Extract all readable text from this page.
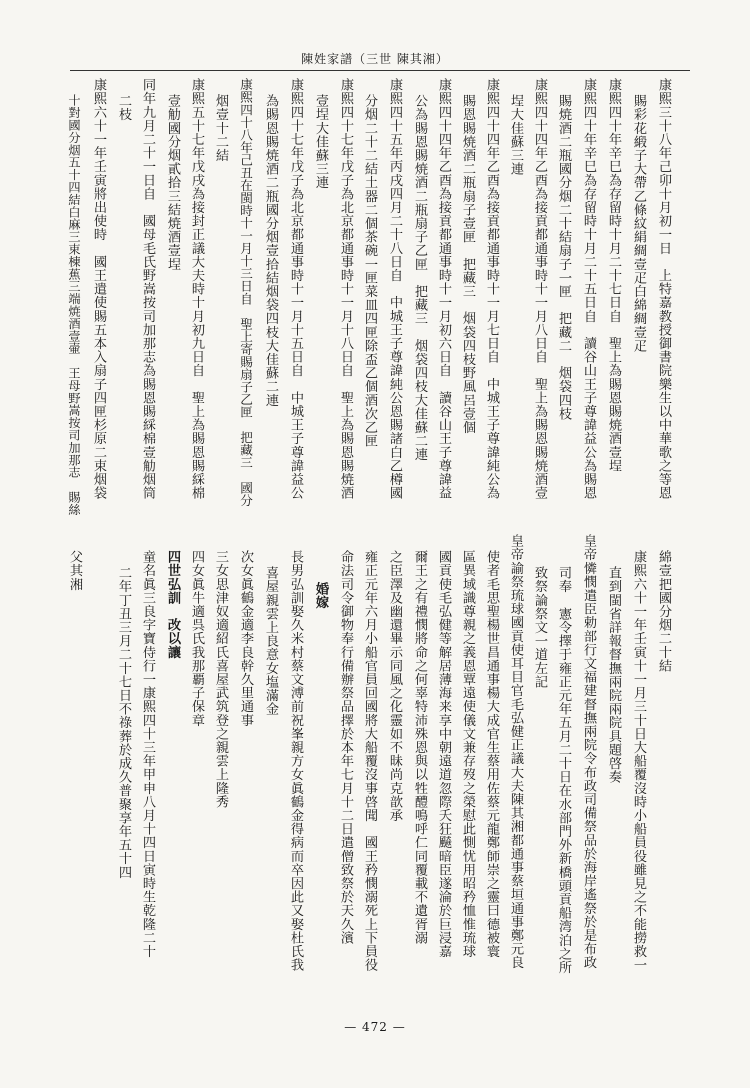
陳姓家譜（三世 陳其湘）
康熙三十八年己卯十月初一日　上特嘉教授御書院樂生以中華歌之等恩
賜彩花緞子大帶乙條紋絹綢壹疋白綿綢壹疋
康熙四十年辛巳為存留時十月二十七日自　聖上為賜恩賜焼酒壹埕
康熙四十年辛巳為存留時十月二十五日自　讀谷山王子尊諱益公為賜恩
賜焼酒二瓶國分烟二十結扇子一匣　把藏二　烟袋四枝
康熙四十四年乙酉為接貢都通事時十一月八日自　聖上為賜恩賜焼酒壹
埕大佳蘇三連
康熙四十四年乙酉為接貢都通事時十一月七日自　中城王子尊諱純公為
賜恩賜焼酒二瓶扇子壹匣　把藏三　烟袋四枝野風呂壹個
康熙四十四年乙酉為接貢都通事時十一月初六日自　讀谷山王子尊諱益
公為賜恩賜焼酒二瓶扇子乙匣　把藏三　烟袋四枝大佳蘇二連
康熙四十五年丙戌四月二十八日自　中城王子尊諱純公恩賜諸白乙樽國
分烟二十二結土器二個茶碗一匣菜皿四匣除盃乙個酒次乙匣
康熙四十七年戊子為北京都通事時十一月十八日自　聖上為賜恩賜焼酒
壹埕大佳蘇三連
康熙四十七年戊子為北京都通事時十一月十五日自　中城王子尊諱益公
為賜恩賜焼酒二瓶國分烟壹拾結烟袋四枝大佳蘇二連
康熙四十八年己丑在閩時十一月十三日自　聖上寄賜扇子乙匣　把藏三　國分
烟壹十二結
康熙五十七年戊戌為接封正議大夫時十月初九日自　聖上為賜恩賜綵棉
壹觔國分烟貳拾三結焼酒壹埕
同年九月二十一日自　國母毛氏野嵩按司加那志為賜恩賜綵棉壹觔烟筒
二枝
康熙六十一年壬寅將出使時　國王遣使賜五本入扇子四匣杉原二束烟袋
十對國分烟五十四結白麻三束棟蕉三端焼酒壹壷　王母野嵩按司加那志　賜絲
綿壹把國分烟二十結
康熙六十一年壬寅十一月三十日大船覆沒時小船員役雖見之不能撈救一
直到閩省詳報督撫兩院兩院具題啓奏
皇帝憐憫遣臣勅部行文福建督撫兩院令布政司備祭品於海岸遙祭於是布政
司奉　憲令擇于雍正元年五月二十日在水部門外新橋頭貢船湾泊之所
致祭論祭文一道左記
皇帝諭祭琉球國貢使耳目官毛弘健正議大夫陳其湘都通事蔡垣通事鄭元良
使者毛思聖楊世昌通事楊大成官生蔡用佐蔡元龍鄭師崇之靈曰德被寰
區異域識尊親之義恩覃遠使儀文兼存歿之榮慰此惻忧用昭矜恤惟琉球
國貢使毛弘健等解居薄海来享中朝遠道忽際夭狂飇暗臣遂淪於巨浸嘉
爾王之有禮憫將命之何辜特沛殊恩與以牲醴鳴呼仁同覆載不遺胥溺
之臣澤及幽還畢示同風之化靈如不昧尚克歆承
雍正元年六月小船官員回國將大船覆沒事啓聞　國王矜憫溺死上下員役
命法司令御物奉行備辦祭品擇於本年七月十二日遣僧致祭於天久濱
婚嫁
長男弘訓娶久米村蔡文溥前祝峯親方女眞鶴金得病而卒因此又娶杜氏我
喜屋親雲上良意女塩滿金
次女眞鶴金適李良幹久里通事
三女思津奴適紹氏喜屋武筑登之親雲上隆秀
四女眞牛適呉氏我那覇子保章
四世弘訓　改以讓
童名眞三良字寶侍行一康熙四十三年甲申八月十四日寅時生乾隆二十
二年丁丑三月二十七日不祿葬於成久普聚享年五十四
父其湘
— 472 —
